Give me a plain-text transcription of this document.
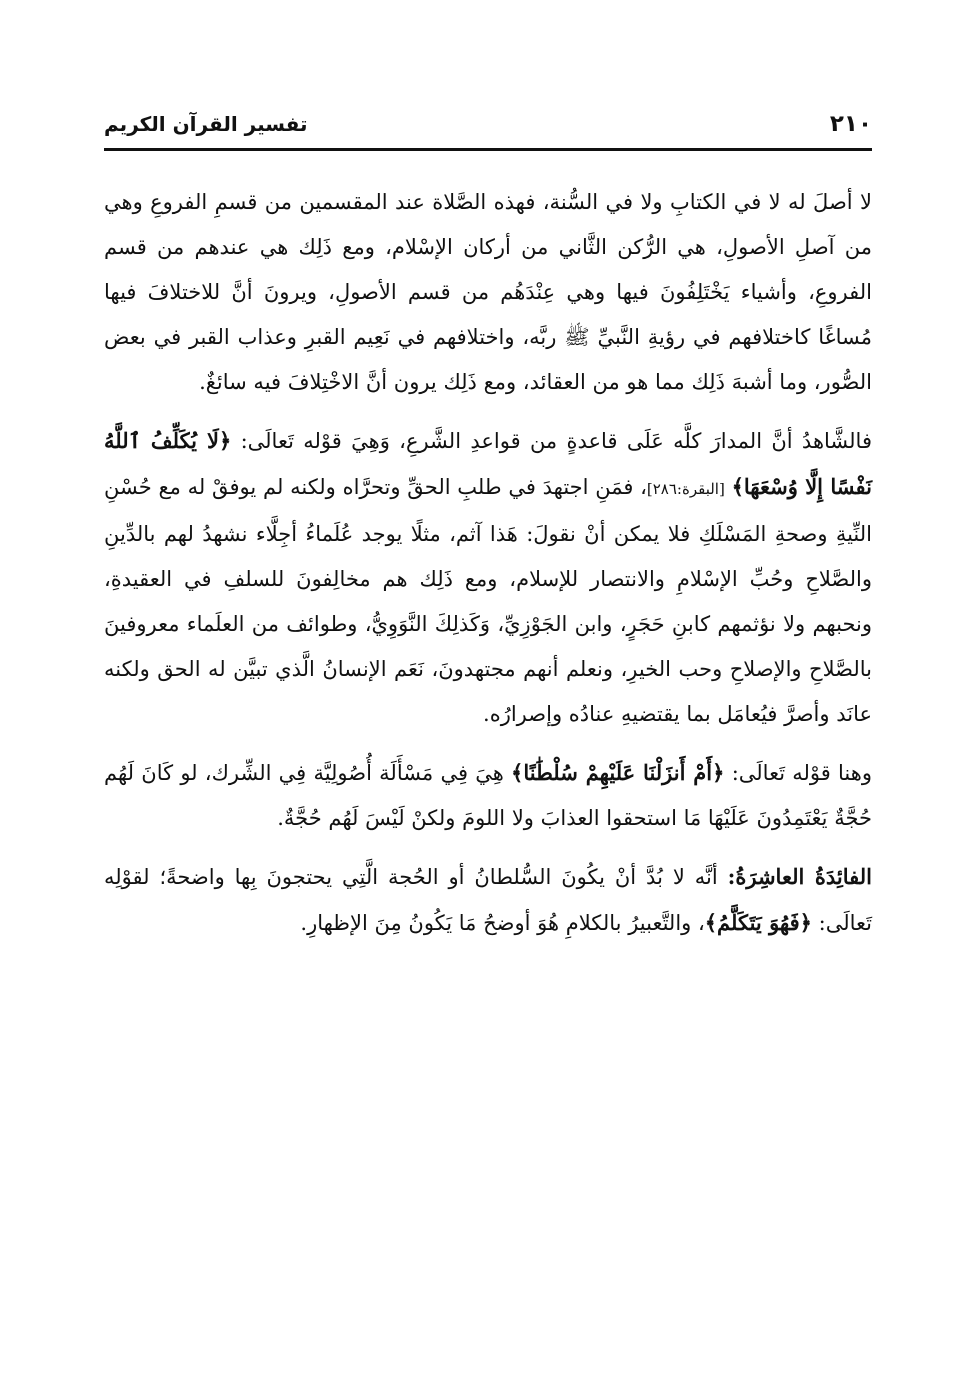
٢١٠
تفسير القرآن الكريم

لا أصلَ له لا في الكتابِ ولا في السُّنة، فهذه الصَّلاة عند المقسمين من قسمِ الفروعِ وهي من آصلِ الأصولِ، هي الرُّكن الثَّاني من أركان الإسْلام، ومع ذَلِك هي عندهم من قسم الفروعِ، وأشياء يَخْتَلِفُونَ فيها وهي عِنْدَهُم من قسم الأصولِ، ويرونَ أنَّ للاختلافَ فيها مُساغًا كاختلافهم في رؤيةِ النَّبيِّ ﷺ ربَّه، واختلافهم في نَعِيم القبرِ وعذاب القبر في بعض الصُّور، وما أشبهَ ذَلِك مما هو من العقائد، ومع ذَلِك يرون أنَّ الاخْتِلافَ فيه سائغٌ.

فالشَّاهدُ أنَّ المدارَ كلَّه عَلَى قاعدةٍ من قواعدِ الشَّرعِ، وَهِيَ قوْله تَعالَى: ﴿لَا يُكَلِّفُ ٱللَّهُ نَفْسًا إِلَّا وُسْعَهَا﴾ [البقرة:٢٨٦]، فمَنِ اجتهدَ في طلبِ الحقِّ وتحرَّاه ولكنه لم يوفقْ له مع حُسْنِ النِّيةِ وصحةِ المَسْلَكِ فلا يمكن أنْ نقولَ: هَذا آثم، مثلًا يوجد عُلَماءُ أجِلَّاء نشهدُ لهم بالدِّينِ والصَّلاحِ وحُبِّ الإسْلامِ والانتصار للإسلام، ومع ذَلِك هم مخالِفونَ للسلفِ في العقيدةِ، ونحبهم ولا نؤثمهم كابنِ حَجَرٍ، وابن الجَوْزِيِّ، وَكَذلِكَ النَّوَوِيُّ، وطوائف من العلَماء معروفينَ بالصَّلاحِ والإصلاحِ وحب الخيرِ، ونعلم أنهم مجتهدونَ، نَعَم الإنسانُ الَّذي تبيَّن له الحق ولكنه عانَد وأصرَّ فيُعامَل بما يقتضيهِ عنادُه وإصرارُه.

وهنا قوْله تَعالَى: ﴿أَمْ أَنزَلْنَا عَلَيْهِمْ سُلْطَٰنًا﴾ هِيَ فِي مَسْأَلَة أُصُولِيَّة فِي الشِّرك، لو كَانَ لَهُم حُجَّةٌ يَعْتَمِدُونَ عَلَيْهَا مَا استحقوا العذابَ ولا اللومَ ولكنْ لَيْسَ لَهُم حُجَّةٌ.

الفائِدَةُ العاشِرَةُ: أنَّه لا بُدَّ أنْ يكُونَ السُّلطانُ أو الحُجة الَّتِي يحتجونَ بِها واضحةً؛ لقوْلِه تَعالَى: ﴿فَهُوَ يَتَكَلَّمُ﴾، والتَّعبيرُ بالكلامِ هُوَ أوضحُ مَا يَكُونُ مِنَ الإظهارِ.
